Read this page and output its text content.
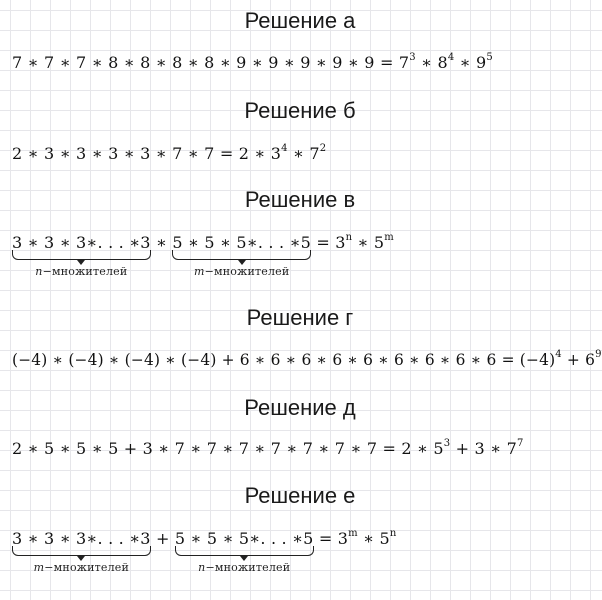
Решение а
7 ∗ 7 ∗ 7 ∗ 8 ∗ 8 ∗ 8 ∗ 8 ∗ 9 ∗ 9 ∗ 9 ∗ 9 ∗ $9 = 7^3$ ∗ $8^4$ ∗ $9^5$
Решение б
2 ∗ 3 ∗ 3 ∗ 3 ∗ 3 ∗ 7 ∗ 7 = 2 ∗ $3^4$ ∗ $7^2$
Решение в
3 ∗ 3 ∗ 3∗. . . ∗3
n−множителей
∗ 5 ∗ 5 ∗ 5∗. . . ∗5
m−множителей
= $3^n$ ∗ 5$^m$
Решение г
(−4) ∗ (−4) ∗ (−4) ∗ (−4) + 6 ∗ 6 ∗ 6 ∗ 6 ∗ 6 ∗ 6 ∗ 6 ∗ 6 ∗ $6 = (-4)^4 + 6^9$
Решение д
2 ∗ 5 ∗ 5 ∗ 5 + 3 ∗ 7 ∗ 7 ∗ 7 ∗ 7 ∗ 7 ∗ 7 ∗ 7 = 2 ∗ $5^3 + 3$ ∗ $7^7$
Решение е
3 ∗ 3 ∗ 3∗. . . ∗3
m−множителей
+ 5 ∗ 5 ∗ 5∗. . . ∗5
n−множителей
= $3^m$ ∗ 5$^n$
